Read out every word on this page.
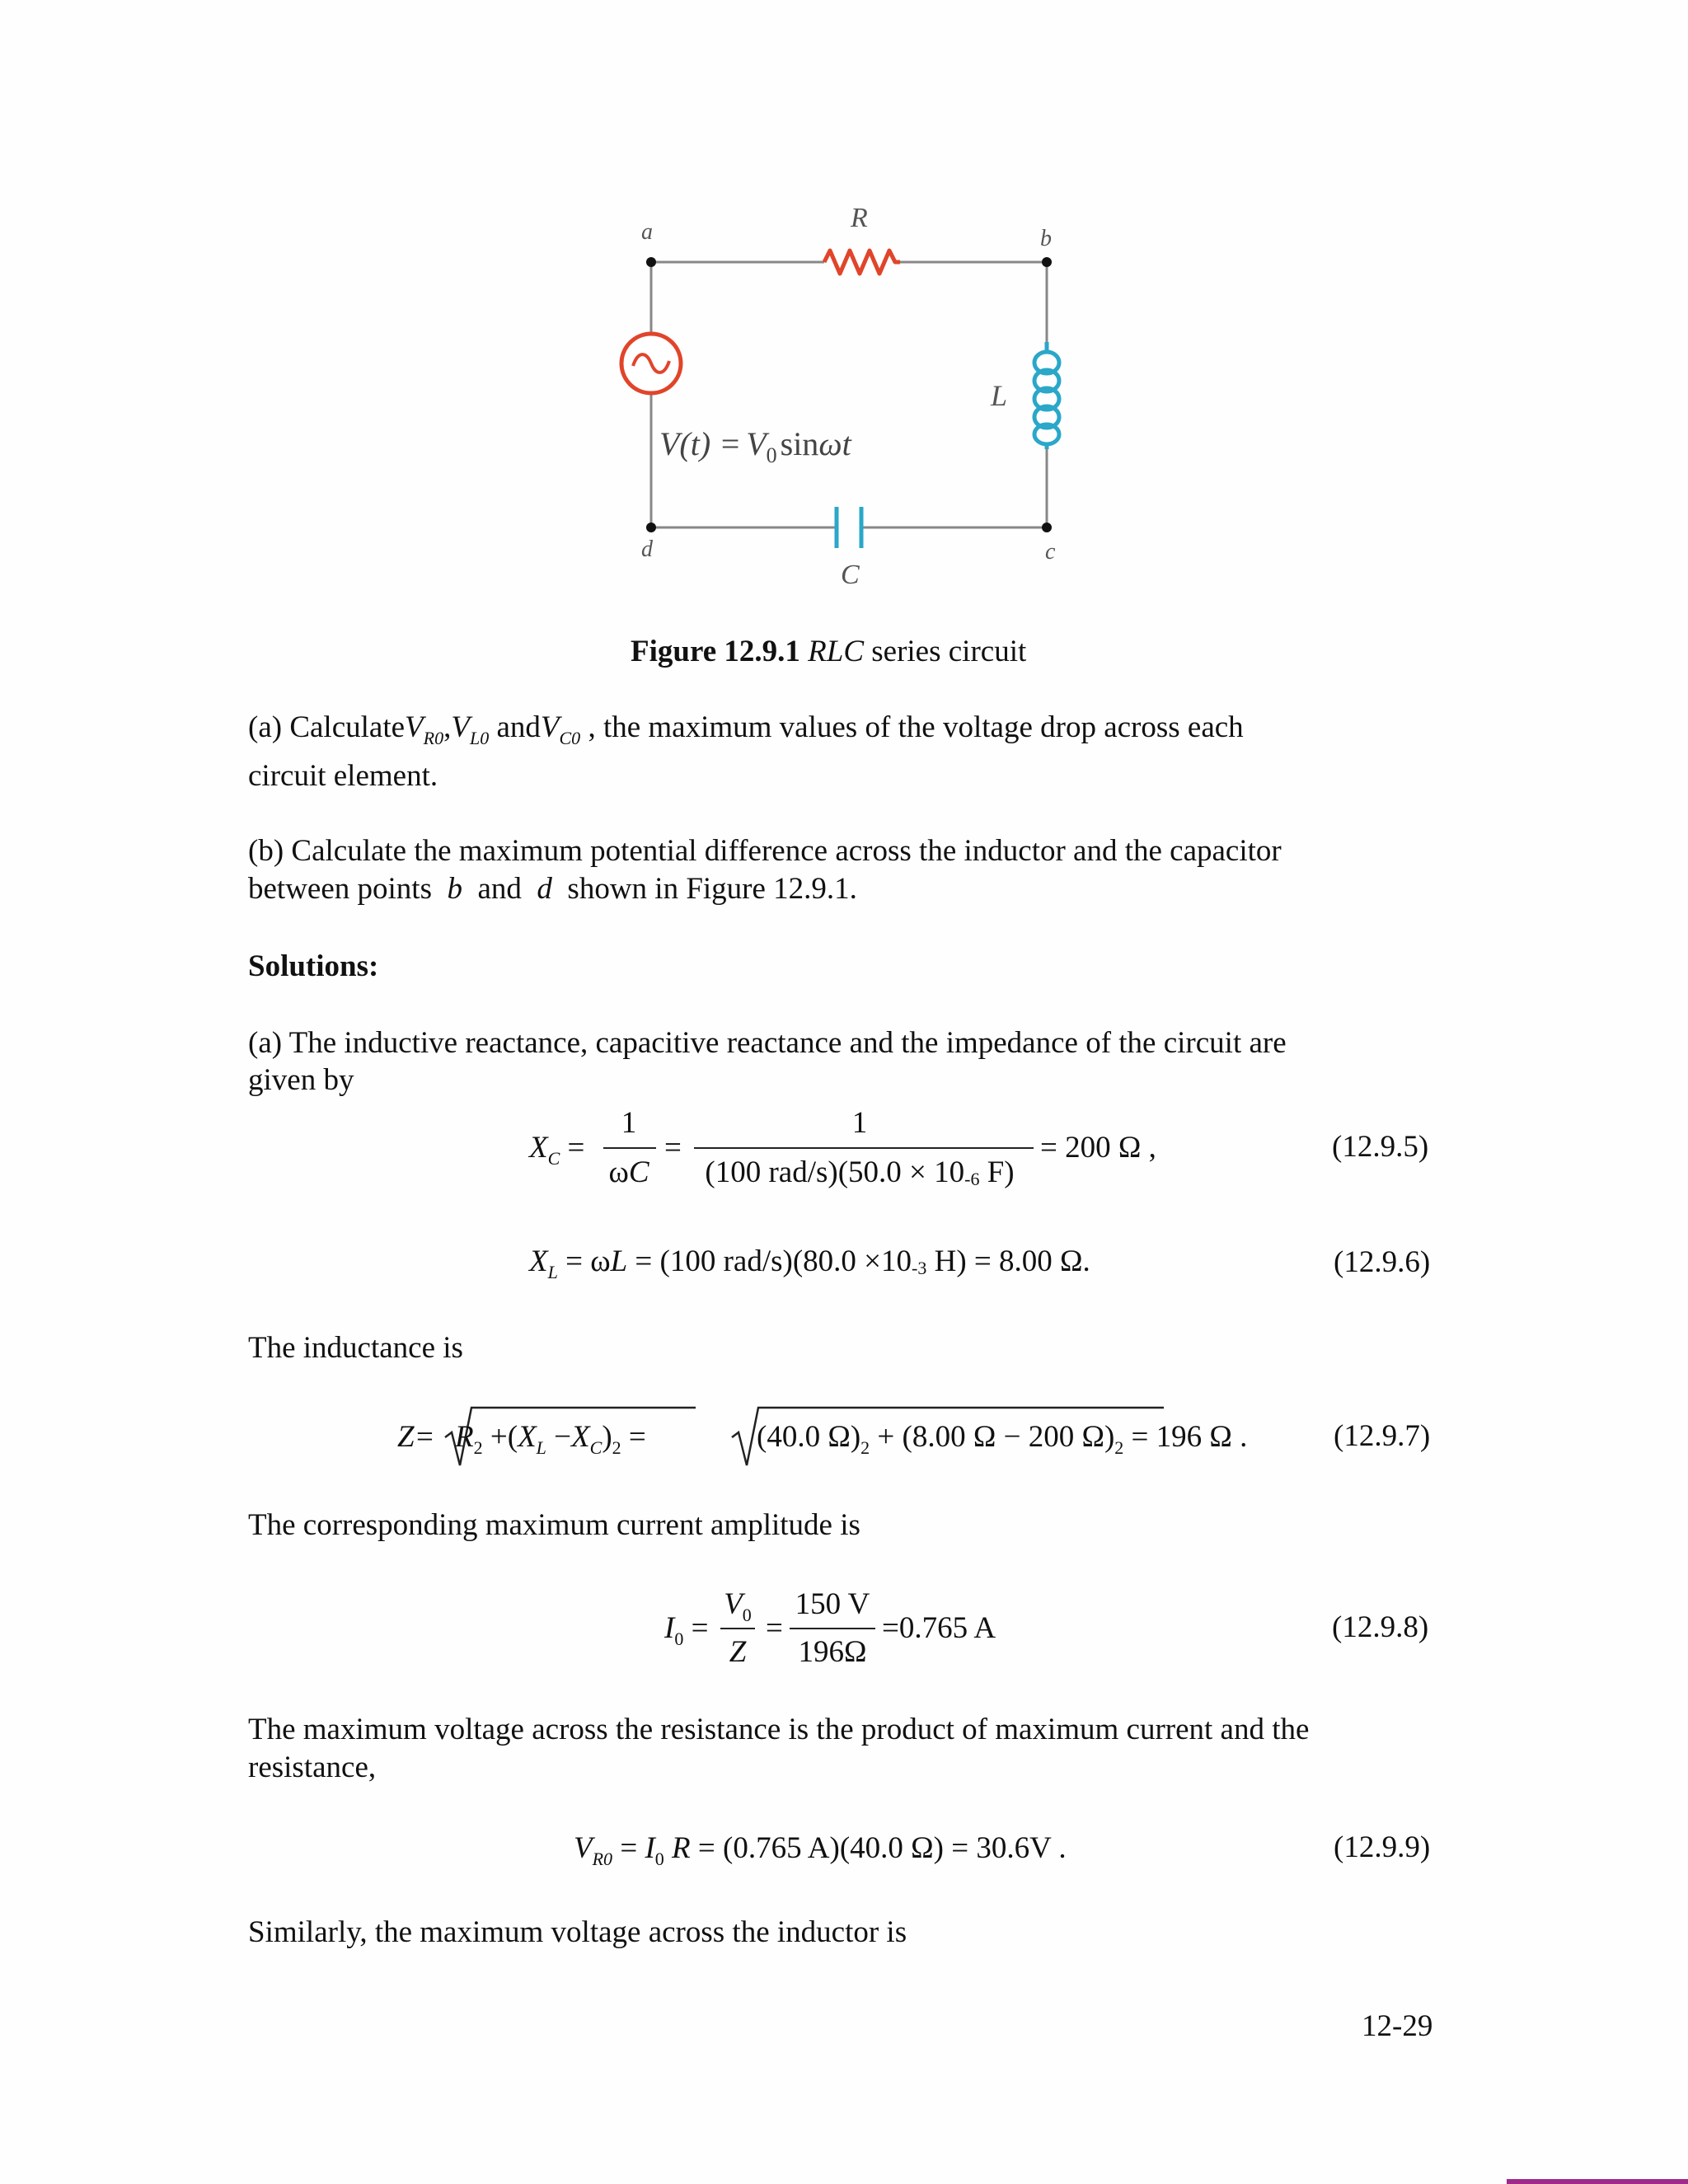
a	b
c
d
R
L
C
$V(t) = V_0$ sinωt
Figure 12.9.1 RLC series circuit
(a) $CalculateV_{R0},V_{L0}$ andV$_{C0}$ , the maximum values of the voltage drop across each
circuit element.
(b) Calculate the maximum potential difference across the inductor and the capacitor
between points b and d shown in Figure 12.9.1.
Solutions:
(a) The inductive reactance, capacitive reactance and the impedance of the circuit are
given by
$X_C$ =
1
ωC
=
1
(100 rad/s)(50.0 × 10-6 F)
= 200 Ω ,	(12.9.5)
$X_L = \omega L = (100$ rad/s)(80.0 ×10-3 H) = 8.00 Ω.	(12.9.6)
The inductance is
$Z= R_2 +(X_L -X_C)_2$ =	(40.0 $\Omega)_2 + (8.00$ Ω − 200 $\Omega)_2 = 196$ Ω .	(12.9.7)
The corresponding maximum current amplitude is
$I_0$ =
$V_0$
Z
=
150 V
196Ω
=0.765 A	(12.9.8)
The maximum voltage across the resistance is the product of maximum current and the
resistance,
$V_{R0} = I_0$ R = (0.765 A)(40.0 Ω) = 30.6V .	(12.9.9)
Similarly, the maximum voltage across the inductor is
12-29
